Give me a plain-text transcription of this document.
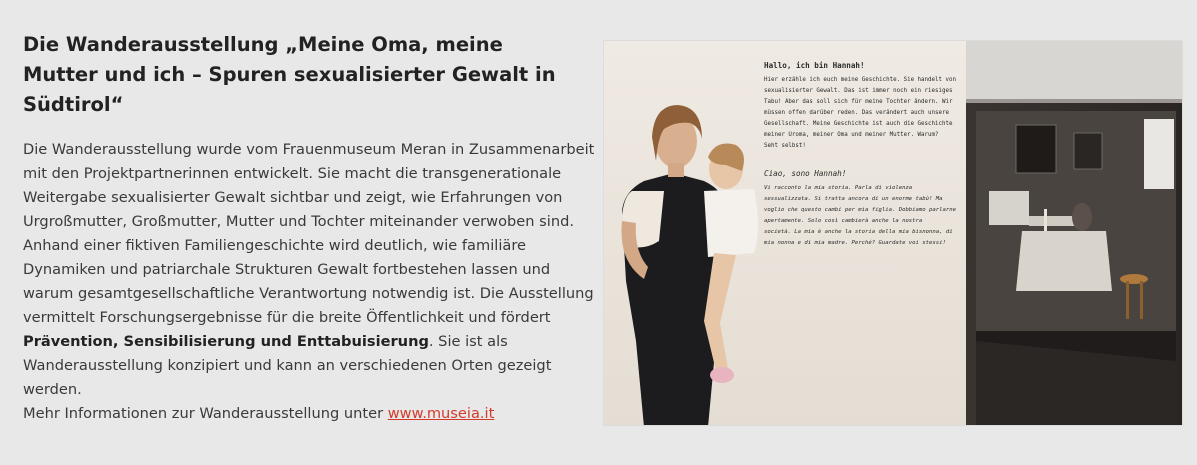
Die Wanderausstellung „Meine Oma, meine Mutter und ich – Spuren sexualisierter Gewalt in Südtirol“

Die Wanderausstellung wurde vom Frauenmuseum Meran in Zusammenarbeit mit den Projektpartnerinnen entwickelt. Sie macht die transgenerationale Weitergabe sexualisierter Gewalt sichtbar und zeigt, wie Erfahrungen von Urgroßmutter, Großmutter, Mutter und Tochter miteinander verwoben sind. Anhand einer fiktiven Familiengeschichte wird deutlich, wie familiäre Dynamiken und patriarchale Strukturen Gewalt fortbestehen lassen und warum gesamtgesellschaftliche Verantwortung notwendig ist. Die Ausstellung vermittelt Forschungsergebnisse für die breite Öffentlichkeit und fördert Prävention, Sensibilisierung und Enttabuisierung. Sie ist als Wanderausstellung konzipiert und kann an verschiedenen Orten gezeigt werden.
Mehr Informationen zur Wanderausstellung unter www.museia.it

Hallo, ich bin Hannah!
Hier erzähle ich euch meine Geschichte. Sie handelt von
sexualisierter Gewalt. Das ist immer noch ein riesiges
Tabu! Aber das soll sich für meine Tochter ändern. Wir
müssen offen darüber reden. Das verändert auch unsere
Gesellschaft. Meine Geschichte ist auch die Geschichte
meiner Uroma, meiner Oma und meiner Mutter. Warum?
Seht selbst!
Ciao, sono Hannah!
Vi racconto la mia storia. Parla di violenza
sessualizzata. Si tratta ancora di un enorme tabù! Ma
voglio che questo cambi per mia figlia. Dobbiamo parlarne
apertamente. Solo così cambierà anche la nostra
società. La mia è anche la storia della mia bisnonna, di
mia nonna e di mia madre. Perché? Guardate voi stessi!
